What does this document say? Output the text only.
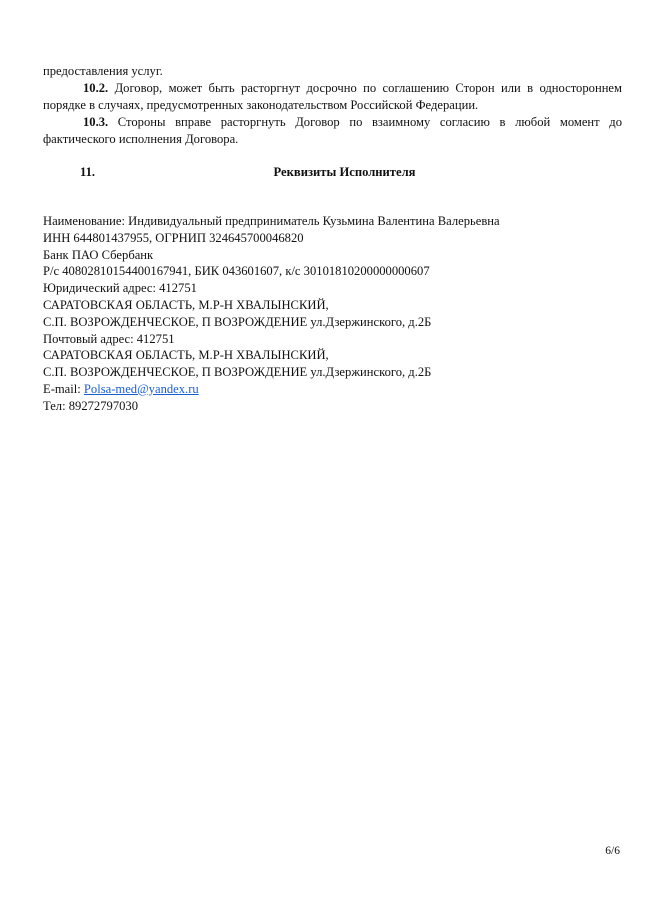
предоставления услуг.

10.2. Договор, может быть расторгнут досрочно по соглашению Сторон или в одностороннем порядке в случаях, предусмотренных законодательством Российской Федерации.

10.3. Стороны вправе расторгнуть Договор по взаимному согласию в любой момент до фактического исполнения Договора.

11.	Реквизиты Исполнителя
Наименование: Индивидуальный предприниматель Кузьмина Валентина Валерьевна
ИНН 644801437955, ОГРНИП 324645700046820
Банк ПАО Сбербанк
Р/с 40802810154400167941, БИК 043601607, к/с 30101810200000000607
Юридический адрес: 412751
САРАТОВСКАЯ ОБЛАСТЬ, М.Р-Н ХВАЛЫНСКИЙ,
С.П. ВОЗРОЖДЕНЧЕСКОЕ, П ВОЗРОЖДЕНИЕ ул.Дзержинского, д.2Б
Почтовый адрес: 412751
САРАТОВСКАЯ ОБЛАСТЬ, М.Р-Н ХВАЛЫНСКИЙ,
С.П. ВОЗРОЖДЕНЧЕСКОЕ, П ВОЗРОЖДЕНИЕ ул.Дзержинского, д.2Б
E-mail: Polsa-med@yandex.ru
Тел: 89272797030
6/6
